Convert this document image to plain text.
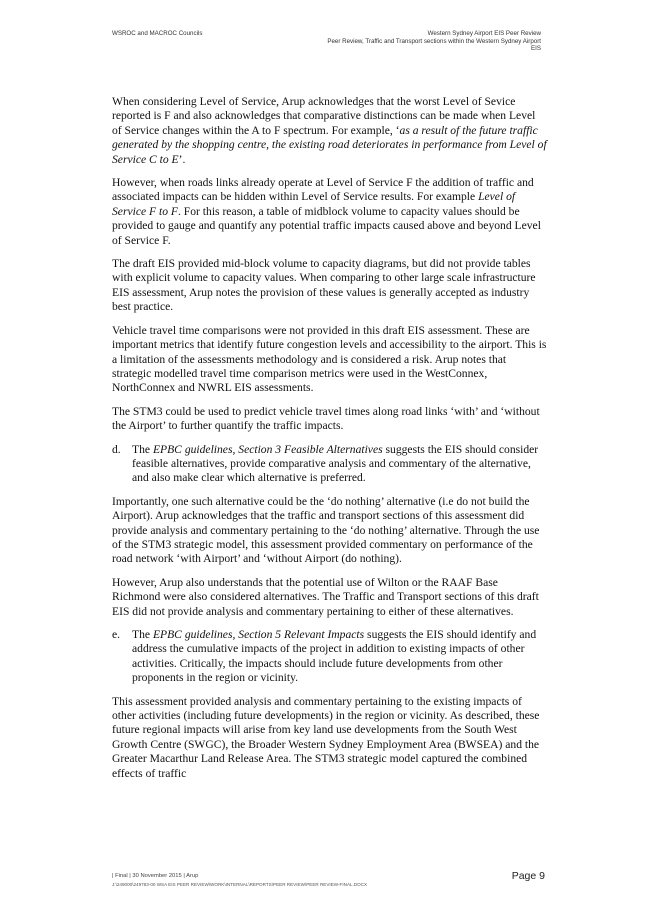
WSROC and MACROC Councils	Western Sydney Airport EIS Peer Review
Peer Review, Traffic and Transport sections within the Western Sydney Airport
EIS

When considering Level of Service, Arup acknowledges that the worst Level of Sevice reported is F and also acknowledges that comparative distinctions can be made when Level of Service changes within the A to F spectrum. For example, ‘as a result of the future traffic generated by the shopping centre, the existing road deteriorates in performance from Level of Service C to E’.

However, when roads links already operate at Level of Service F the addition of traffic and associated impacts can be hidden within Level of Service results. For example Level of Service F to F. For this reason, a table of midblock volume to capacity values should be provided to gauge and quantify any potential traffic impacts caused above and beyond Level of Service F.

The draft EIS provided mid-block volume to capacity diagrams, but did not provide tables with explicit volume to capacity values. When comparing to other large scale infrastructure EIS assessment, Arup notes the provision of these values is generally accepted as industry best practice.

Vehicle travel time comparisons were not provided in this draft EIS assessment. These are important metrics that identify future congestion levels and accessibility to the airport. This is a limitation of the assessments methodology and is considered a risk. Arup notes that strategic modelled travel time comparison metrics were used in the WestConnex, NorthConnex and NWRL EIS assessments.

The STM3 could be used to predict vehicle travel times along road links ‘with’ and ‘without the Airport’ to further quantify the traffic impacts.

d. The EPBC guidelines, Section 3 Feasible Alternatives suggests the EIS should consider feasible alternatives, provide comparative analysis and commentary of the alternative, and also make clear which alternative is preferred.

Importantly, one such alternative could be the ‘do nothing’ alternative (i.e do not build the Airport). Arup acknowledges that the traffic and transport sections of this assessment did provide analysis and commentary pertaining to the ‘do nothing’ alternative. Through the use of the STM3 strategic model, this assessment provided commentary on performance of the road network ‘with Airport’ and ‘without Airport (do nothing).

However, Arup also understands that the potential use of Wilton or the RAAF Base Richmond were also considered alternatives. The Traffic and Transport sections of this draft EIS did not provide analysis and commentary pertaining to either of these alternatives.

e.	The EPBC guidelines, Section 5 Relevant Impacts suggests the EIS should identify and address the cumulative impacts of the project in addition to existing impacts of other activities. Critically, the impacts should include future developments from other proponents in the region or vicinity.

This assessment provided analysis and commentary pertaining to the existing impacts of other activities (including future developments) in the region or vicinity. As described, these future regional impacts will arise from key land use developments from the South West Growth Centre (SWGC), the Broader Western Sydney Employment Area (BWSEA) and the Greater Macarthur Land Release Area. The STM3 strategic model captured the combined effects of traffic

| Final | 30 November 2015 | Arup
J:\249000\249783-00 WSA EIS PEER REVIEW\WORK\INTERNAL\REPORTS\PEER REVIEW\PEER REVIEW-FINAL.DOCX
Page 9
